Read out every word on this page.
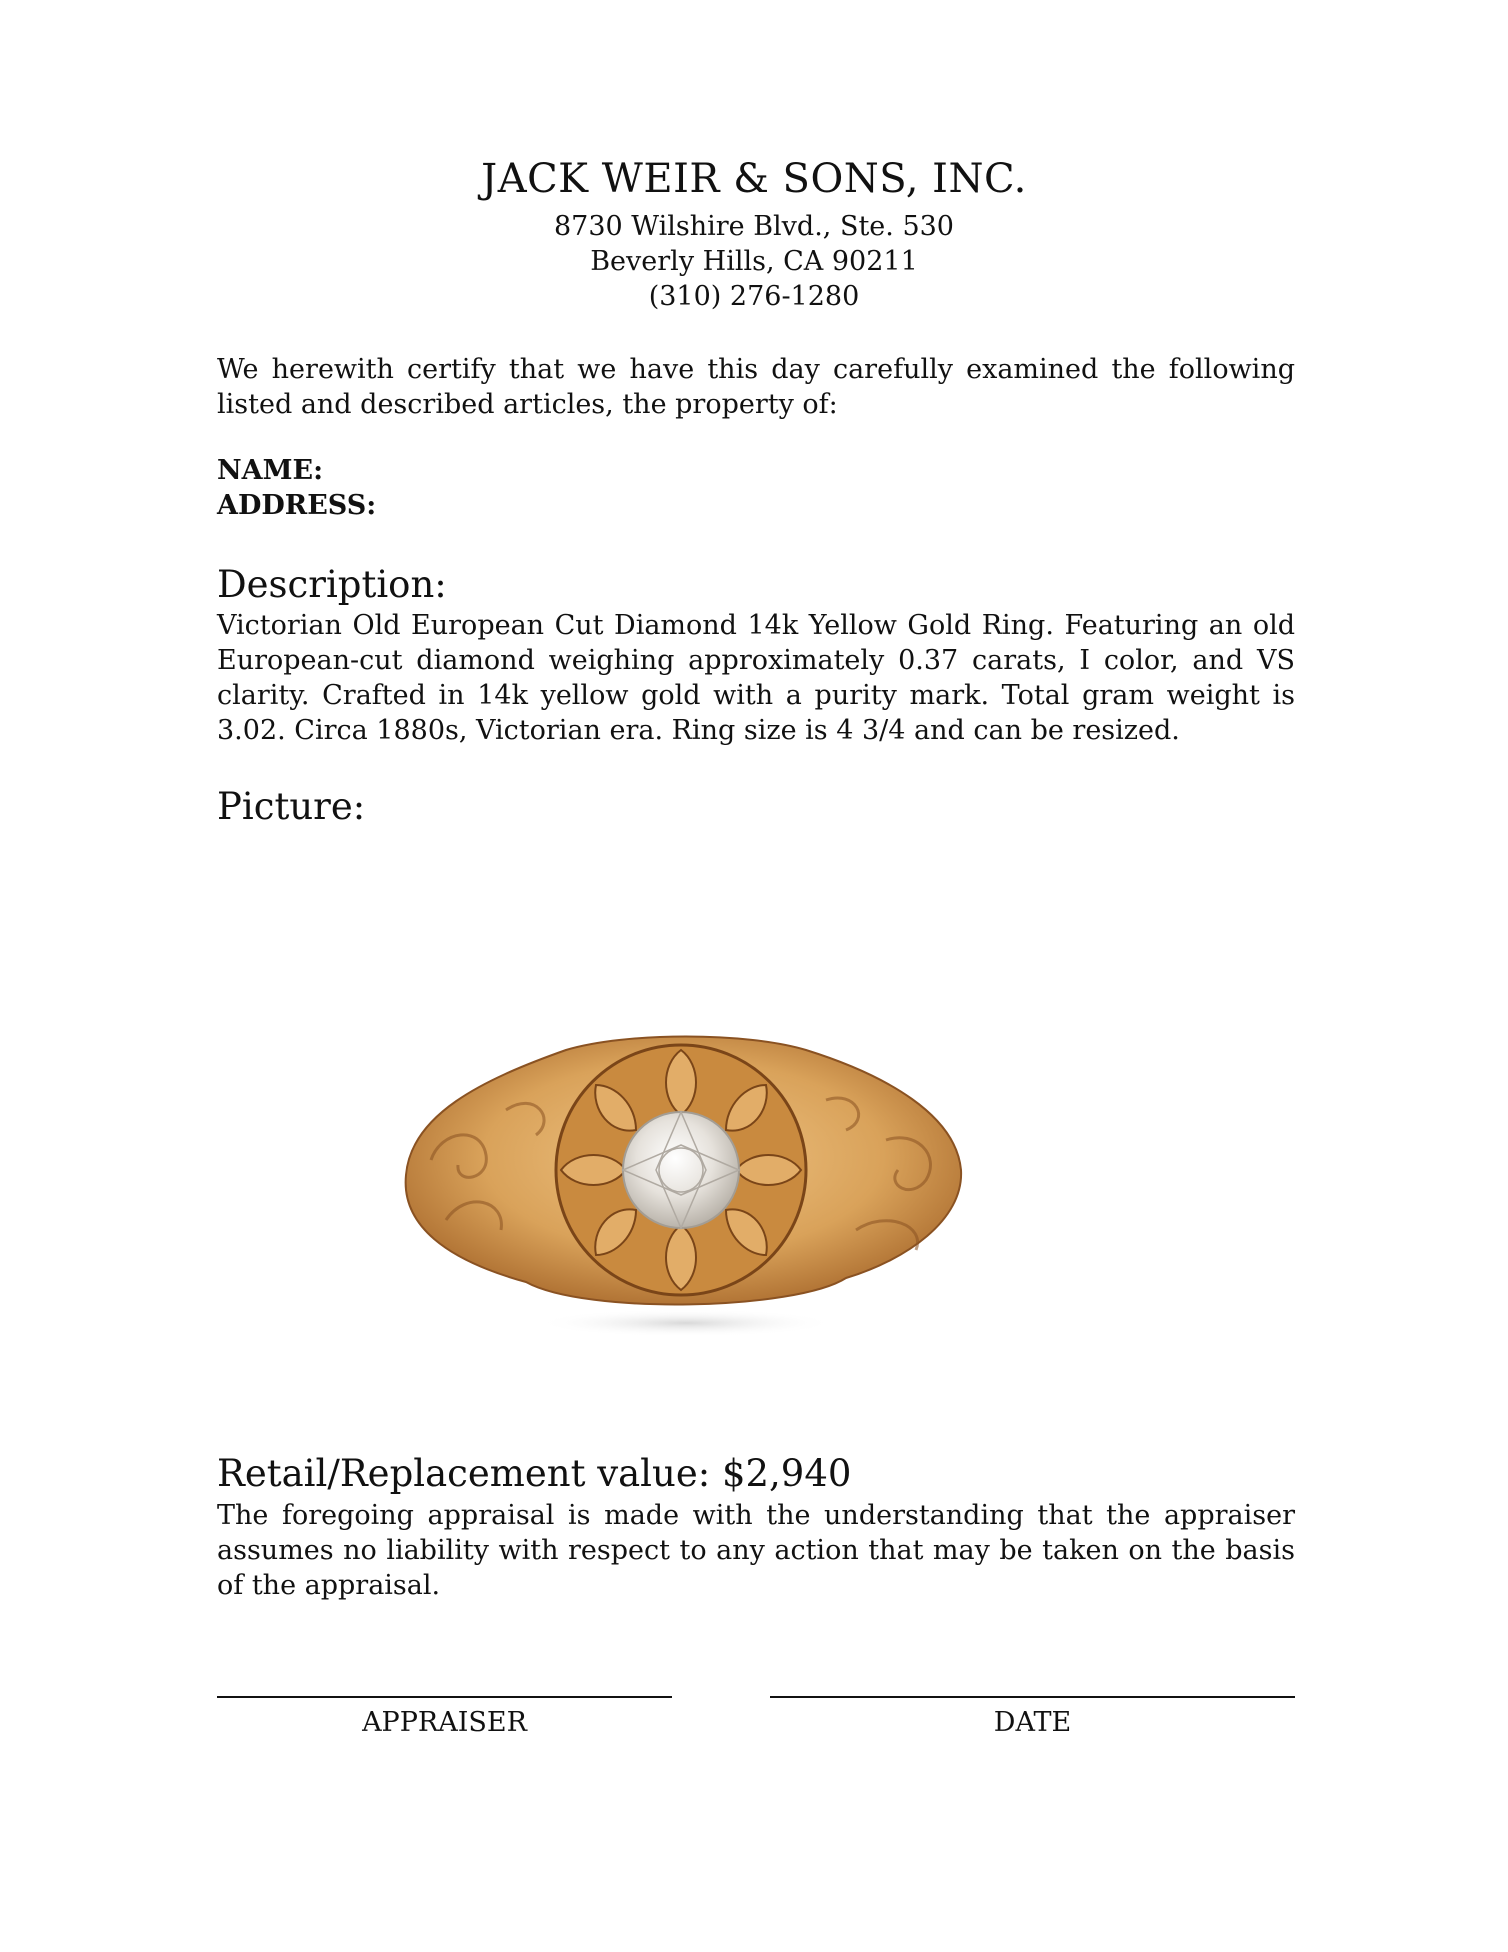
JACK WEIR & SONS, INC.
8730 Wilshire Blvd., Ste. 530
Beverly Hills, CA 90211
(310) 276-1280
We herewith certify that we have this day carefully examined the following listed and described articles, the property of:
NAME:
ADDRESS:
Description:
Victorian Old European Cut Diamond 14k Yellow Gold Ring. Featuring an old European-cut diamond weighing approximately 0.37 carats, I color, and VS clarity. Crafted in 14k yellow gold with a purity mark. Total gram weight is 3.02. Circa 1880s, Victorian era. Ring size is 4 3/4 and can be resized.
Picture:
Retail/Replacement value: $2,940
The foregoing appraisal is made with the understanding that the appraiser assumes no liability with respect to any action that may be taken on the basis of the appraisal.
APPRAISER	DATE
